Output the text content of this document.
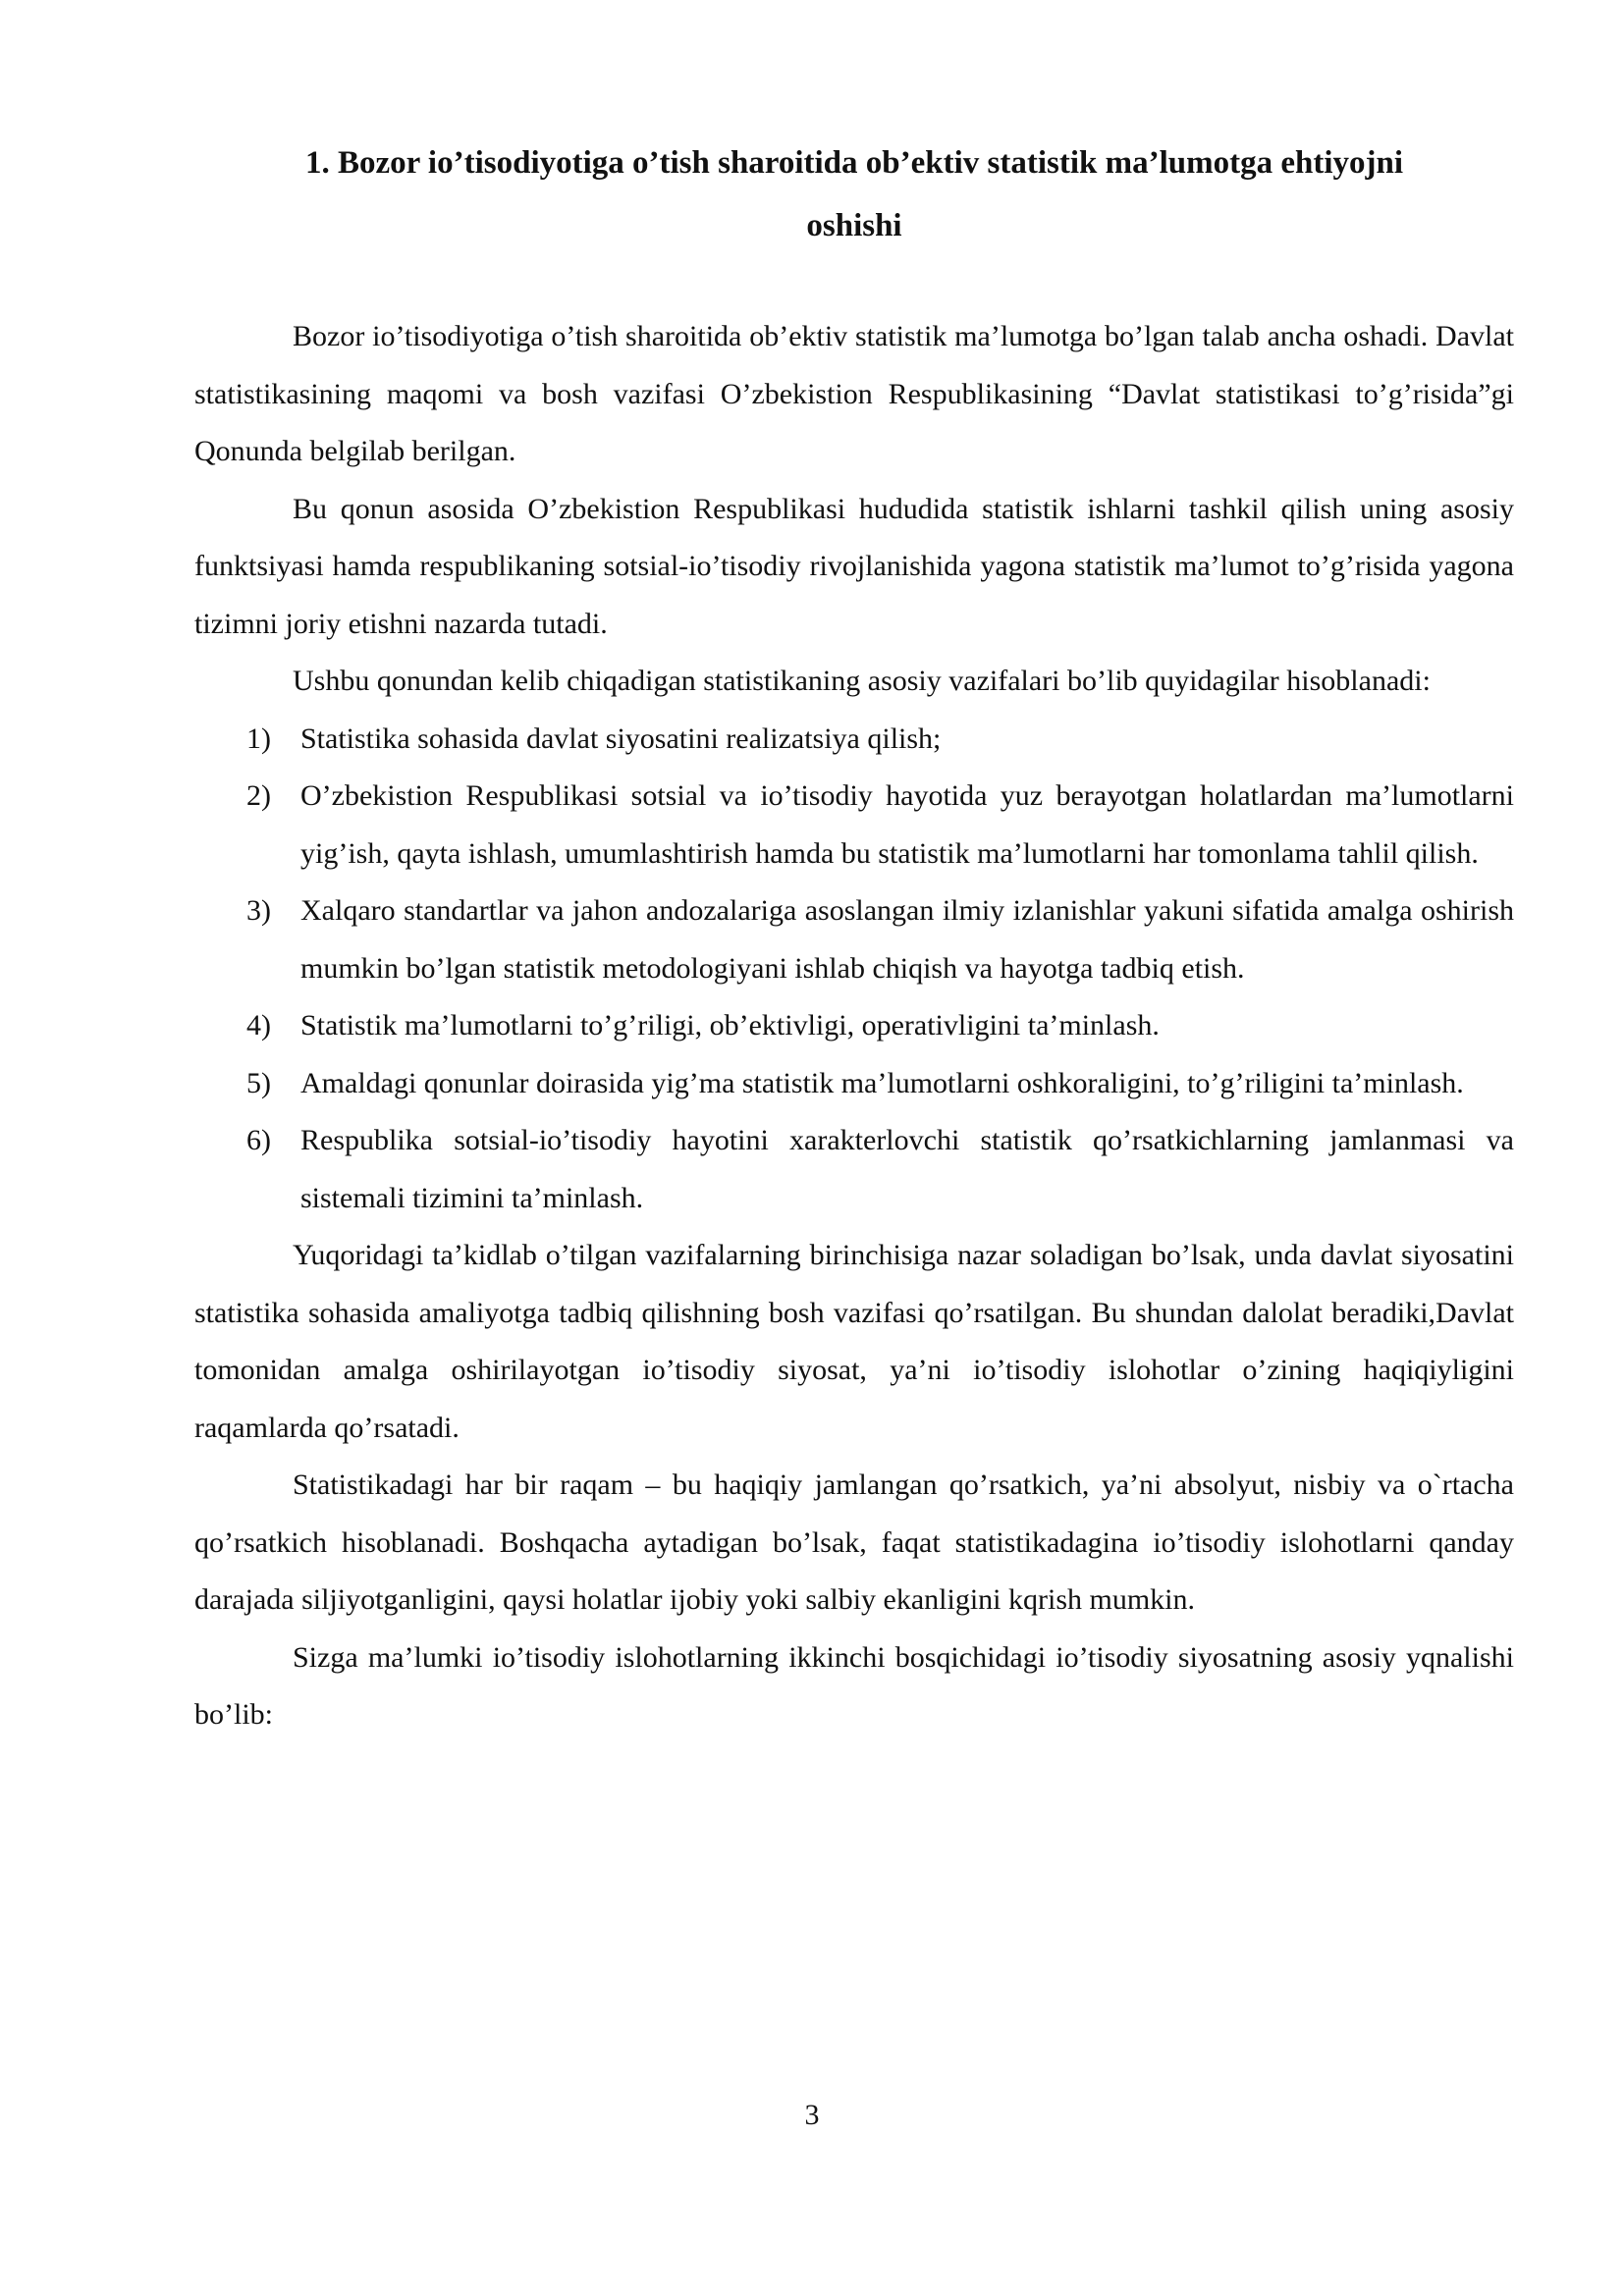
1. Bozor io’tisodiyotiga o’tish sharoitida ob’ektiv statistik ma’lumotga ehtiyojni
oshishi

Bozor io’tisodiyotiga o’tish sharoitida ob’ektiv statistik ma’lumotga bo’lgan talab ancha oshadi. Davlat statistikasining maqomi va bosh vazifasi O’zbekistion Respublikasining “Davlat statistikasi to’g’risida”gi Qonunda belgilab berilgan.

Bu qonun asosida O’zbekistion Respublikasi hududida statistik ishlarni tashkil qilish uning asosiy funktsiyasi hamda respublikaning sotsial-io’tisodiy rivojlanishida yagona statistik ma’lumot to’g’risida yagona tizimni joriy etishni nazarda tutadi.

Ushbu qonundan kelib chiqadigan statistikaning asosiy vazifalari bo’lib quyidagilar hisoblanadi:

1) Statistika sohasida davlat siyosatini realizatsiya qilish;
2) O’zbekistion Respublikasi sotsial va io’tisodiy hayotida yuz berayotgan holatlardan ma’lumotlarni yig’ish, qayta ishlash, umumlashtirish hamda bu statistik ma’lumotlarni har tomonlama tahlil qilish.
3) Xalqaro standartlar va jahon andozalariga asoslangan ilmiy izlanishlar yakuni sifatida amalga oshirish mumkin bo’lgan statistik metodologiyani ishlab chiqish va hayotga tadbiq etish.
4) Statistik ma’lumotlarni to’g’riligi, ob’ektivligi, operativligini ta’minlash.
5) Amaldagi qonunlar doirasida yig’ma statistik ma’lumotlarni oshkoraligini, to’g’riligini ta’minlash.
6) Respublika sotsial-io’tisodiy hayotini xarakterlovchi statistik qo’rsatkichlarning jamlanmasi va sistemali tizimini ta’minlash.

Yuqoridagi ta’kidlab o’tilgan vazifalarning birinchisiga nazar soladigan bo’lsak, unda davlat siyosatini statistika sohasida amaliyotga tadbiq qilishning bosh vazifasi qo’rsatilgan. Bu shundan dalolat beradiki,Davlat tomonidan amalga oshirilayotgan io’tisodiy siyosat, ya’ni io’tisodiy islohotlar o’zining haqiqiyligini raqamlarda qo’rsatadi.

Statistikadagi har bir raqam – bu haqiqiy jamlangan qo’rsatkich, ya’ni absolyut, nisbiy va o`rtacha qo’rsatkich hisoblanadi. Boshqacha aytadigan bo’lsak, faqat statistikadagina io’tisodiy islohotlarni qanday darajada siljiyotganligini, qaysi holatlar ijobiy yoki salbiy ekanligini kqrish mumkin.

Sizga ma’lumki io’tisodiy islohotlarning ikkinchi bosqichidagi io’tisodiy siyosatning asosiy yqnalishi bo’lib:

3
